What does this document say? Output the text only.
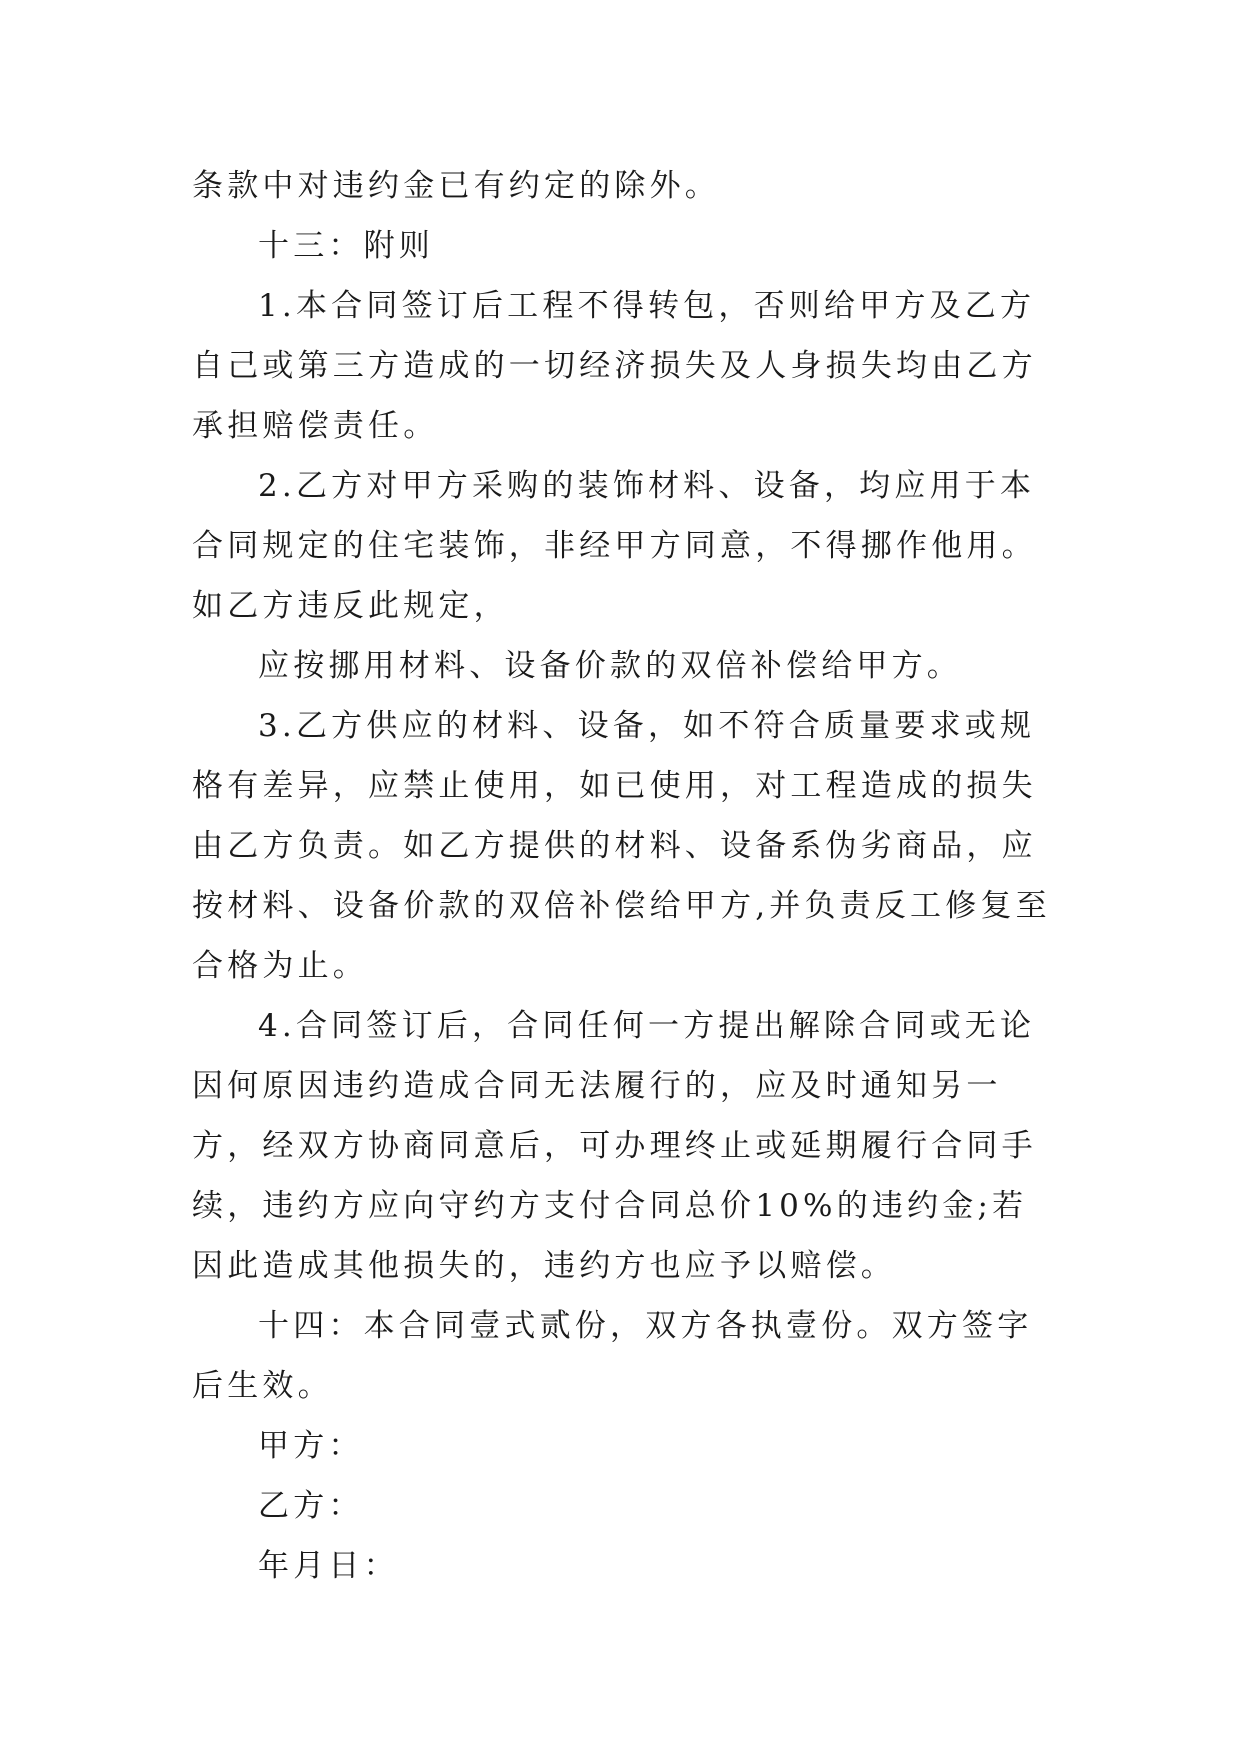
条款中对违约金已有约定的除外。

十三：附则

1.本合同签订后工程不得转包，否则给甲方及乙方自己或第三方造成的一切经济损失及人身损失均由乙方承担赔偿责任。

2.乙方对甲方采购的装饰材料、设备，均应用于本合同规定的住宅装饰，非经甲方同意，不得挪作他用。如乙方违反此规定，

应按挪用材料、设备价款的双倍补偿给甲方。

3.乙方供应的材料、设备，如不符合质量要求或规格有差异，应禁止使用，如已使用，对工程造成的损失由乙方负责。如乙方提供的材料、设备系伪劣商品，应按材料、设备价款的双倍补偿给甲方,并负责反工修复至合格为止。

4.合同签订后，合同任何一方提出解除合同或无论因何原因违约造成合同无法履行的，应及时通知另一方，经双方协商同意后，可办理终止或延期履行合同手续，违约方应向守约方支付合同总价10%的违约金;若因此造成其他损失的，违约方也应予以赔偿。

十四：本合同壹式贰份，双方各执壹份。双方签字后生效。

甲方：

乙方：

年月日：
